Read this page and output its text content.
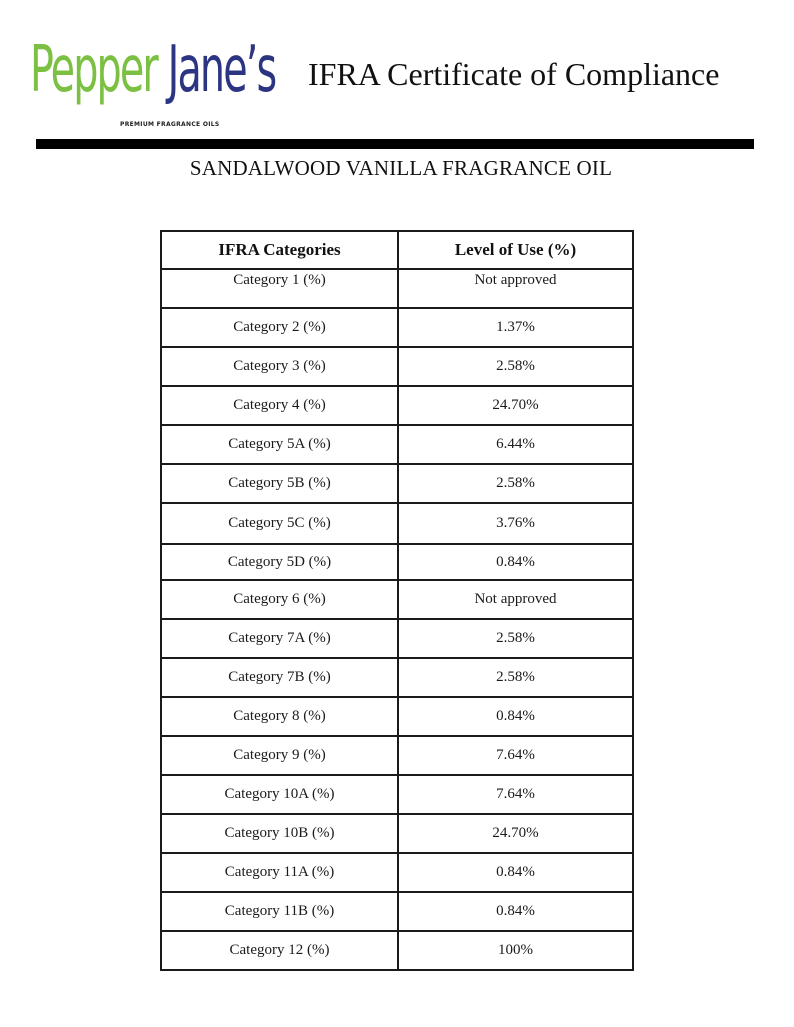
Pepper Jane’s
PREMIUM FRAGRANCE OILS
IFRA Certificate of Compliance
SANDALWOOD VANILLA FRAGRANCE OIL
IFRA Categories	Level of Use (%)
Category 1 (%)	Not approved
Category 2 (%)	1.37%
Category 3 (%)	2.58%
Category 4 (%)	24.70%
Category 5A (%)	6.44%
Category 5B (%)	2.58%
Category 5C (%)	3.76%
Category 5D (%)	0.84%
Category 6 (%)	Not approved
Category 7A (%)	2.58%
Category 7B (%)	2.58%
Category 8 (%)	0.84%
Category 9 (%)	7.64%
Category 10A (%)	7.64%
Category 10B (%)	24.70%
Category 11A (%)	0.84%
Category 11B (%)	0.84%
Category 12 (%)	100%
